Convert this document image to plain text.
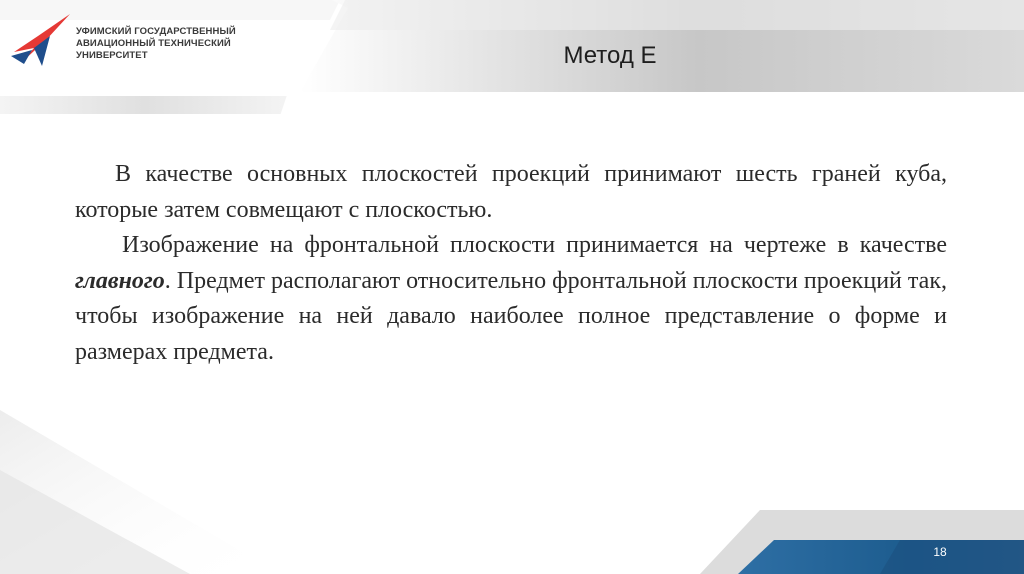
УФИМСКИЙ ГОСУДАРСТВЕННЫЙ
АВИАЦИОННЫЙ ТЕХНИЧЕСКИЙ
УНИВЕРСИТЕТ	Метод Е

В качестве основных плоскостей проекций принимают шесть граней куба, которые затем совмещают с плоскостью.

Изображение на фронтальной плоскости принимается на чертеже в качестве главного. Предмет располагают относительно фронтальной плоскости проекций так, чтобы изображение на ней давало наиболее полное представление о форме и размерах предмета.

18
